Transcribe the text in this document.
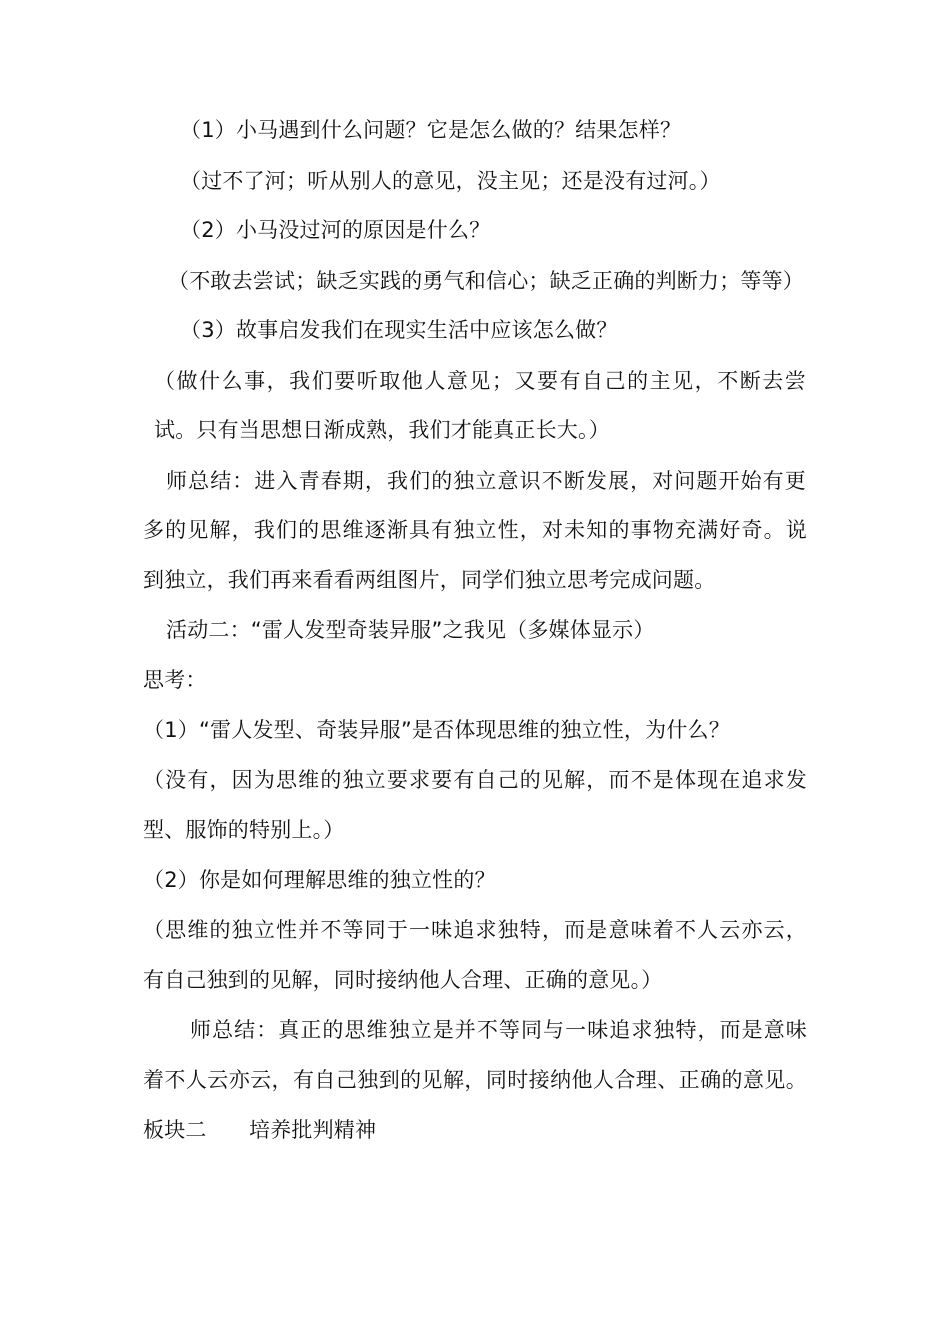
（1）小马遇到什么问题？它是怎么做的？结果怎样？
（过不了河；听从别人的意见，没主见；还是没有过河。）
（2）小马没过河的原因是什么？
（不敢去尝试；缺乏实践的勇气和信心；缺乏正确的判断力；等等）
（3）故事启发我们在现实生活中应该怎么做？
（做什么事，我们要听取他人意见；又要有自己的主见，不断去尝
试。只有当思想日渐成熟，我们才能真正长大。）
师总结：进入青春期，我们的独立意识不断发展，对问题开始有更
多的见解，我们的思维逐渐具有独立性，对未知的事物充满好奇。说
到独立，我们再来看看两组图片，同学们独立思考完成问题。
活动二：“雷人发型奇装异服”之我见（多媒体显示）
思考：
（1）“雷人发型、奇装异服”是否体现思维的独立性，为什么？
（没有，因为思维的独立要求要有自己的见解，而不是体现在追求发
型、服饰的特别上。）
（2）你是如何理解思维的独立性的？
（思维的独立性并不等同于一味追求独特，而是意味着不人云亦云，
有自己独到的见解，同时接纳他人合理、正确的意见。）
师总结：真正的思维独立是并不等同与一味追求独特，而是意味
着不人云亦云，有自己独到的见解，同时接纳他人合理、正确的意见。
板块二　　培养批判精神
